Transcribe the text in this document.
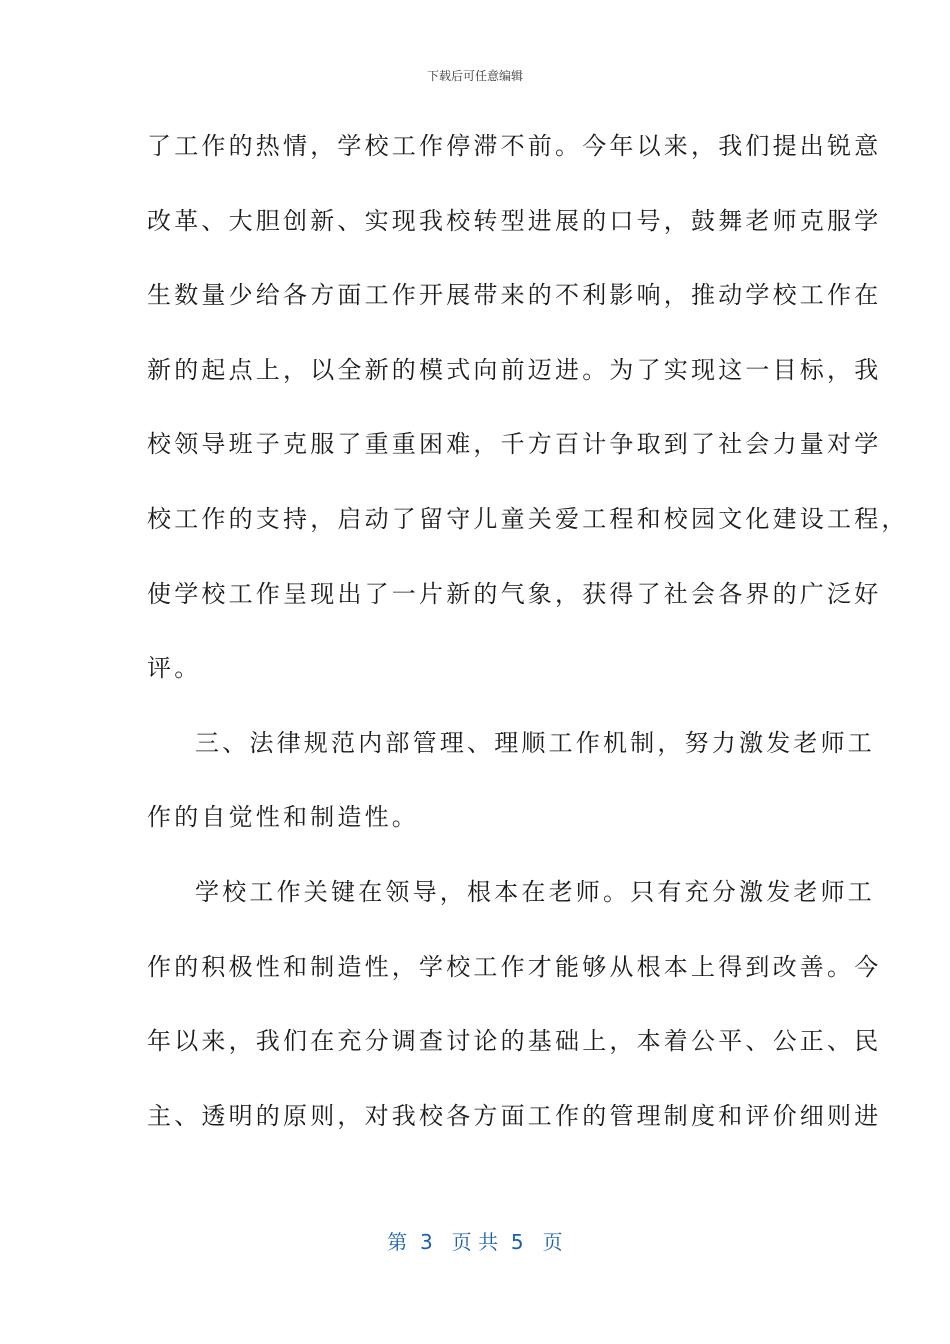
下载后可任意编辑
了工作的热情，学校工作停滞不前。今年以来，我们提出锐意
改革、大胆创新、实现我校转型进展的口号，鼓舞老师克服学
生数量少给各方面工作开展带来的不利影响，推动学校工作在
新的起点上，以全新的模式向前迈进。为了实现这一目标，我
校领导班子克服了重重困难，千方百计争取到了社会力量对学
校工作的支持，启动了留守儿童关爱工程和校园文化建设工程，
使学校工作呈现出了一片新的气象，获得了社会各界的广泛好
评。
三、法律规范内部管理、理顺工作机制，努力激发老师工
作的自觉性和制造性。
学校工作关键在领导，根本在老师。只有充分激发老师工
作的积极性和制造性，学校工作才能够从根本上得到改善。今
年以来，我们在充分调查讨论的基础上，本着公平、公正、民
主、透明的原则，对我校各方面工作的管理制度和评价细则进
第  3   页 共  5   页
